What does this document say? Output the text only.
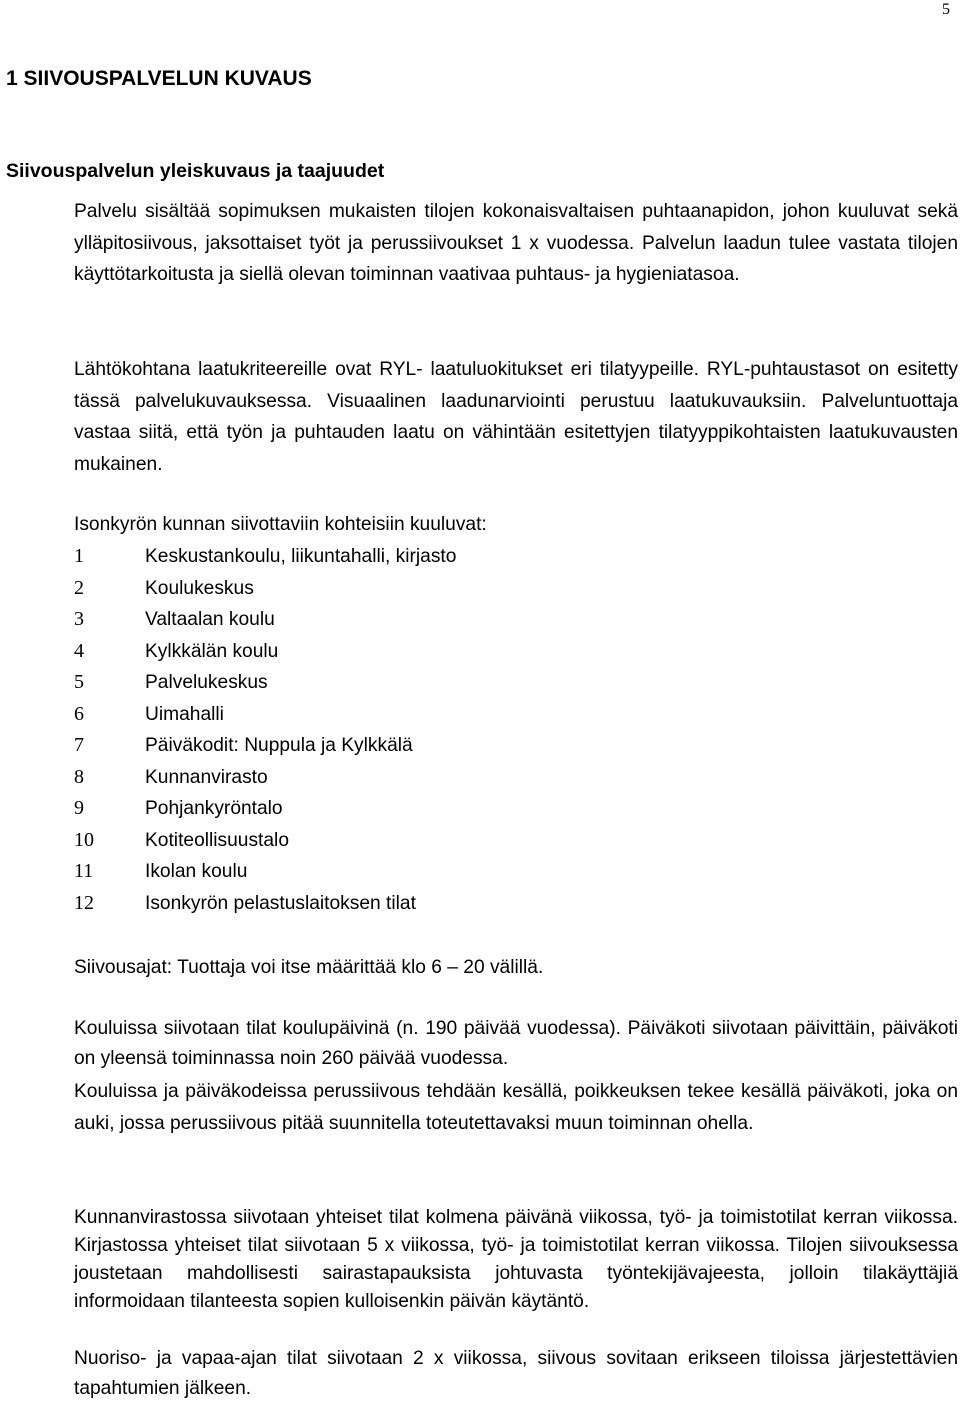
5

1 SIIVOUSPALVELUN KUVAUS
Siivouspalvelun yleiskuvaus ja taajuudet

Palvelu sisältää sopimuksen mukaisten tilojen kokonaisvaltaisen puhtaanapidon, johon kuuluvat sekä ylläpitosiivous, jaksottaiset työt ja perussiivoukset 1 x vuodessa. Palvelun laadun tulee vastata tilojen käyttötarkoitusta ja siellä olevan toiminnan vaativaa puhtaus- ja hygieniatasoa.

Lähtökohtana laatukriteereille ovat RYL- laatuluokitukset eri tilatyypeille. RYL-puhtaustasot on esitetty tässä palvelukuvauksessa. Visuaalinen laadunarviointi perustuu laatukuvauksiin. Palveluntuottaja vastaa siitä, että työn ja puhtauden laatu on vähintään esitettyjen tilatyyppikohtaisten laatukuvausten mukainen.

Isonkyrön kunnan siivottaviin kohteisiin kuuluvat:

1	Keskustankoulu, liikuntahalli, kirjasto
2	Koulukeskus
3	Valtaalan koulu
4	Kylkkälän koulu
5	Palvelukeskus
6	Uimahalli
7	Päiväkodit: Nuppula ja Kylkkälä
8	Kunnanvirasto
9	Pohjankyröntalo
10	Kotiteollisuustalo
11	Ikolan koulu
12	Isonkyrön pelastuslaitoksen tilat

Siivousajat: Tuottaja voi itse määrittää klo 6 – 20 välillä.

Kouluissa siivotaan tilat koulupäivinä (n. 190 päivää vuodessa). Päiväkoti siivotaan päivittäin, päiväkoti on yleensä toiminnassa noin 260 päivää vuodessa.

Kouluissa ja päiväkodeissa perussiivous tehdään kesällä, poikkeuksen tekee kesällä päiväkoti, joka on auki, jossa perussiivous pitää suunnitella toteutettavaksi muun toiminnan ohella.

Kunnanvirastossa siivotaan yhteiset tilat kolmena päivänä viikossa, työ- ja toimistotilat kerran viikossa. Kirjastossa yhteiset tilat siivotaan 5 x viikossa, työ- ja toimistotilat kerran viikossa. Tilojen siivouksessa joustetaan mahdollisesti sairastapauksista johtuvasta työntekijävajeesta, jolloin tilakäyttäjiä informoidaan tilanteesta sopien kulloisenkin päivän käytäntö.

Nuoriso- ja vapaa-ajan tilat siivotaan 2 x viikossa, siivous sovitaan erikseen tiloissa järjestettävien tapahtumien jälkeen.
